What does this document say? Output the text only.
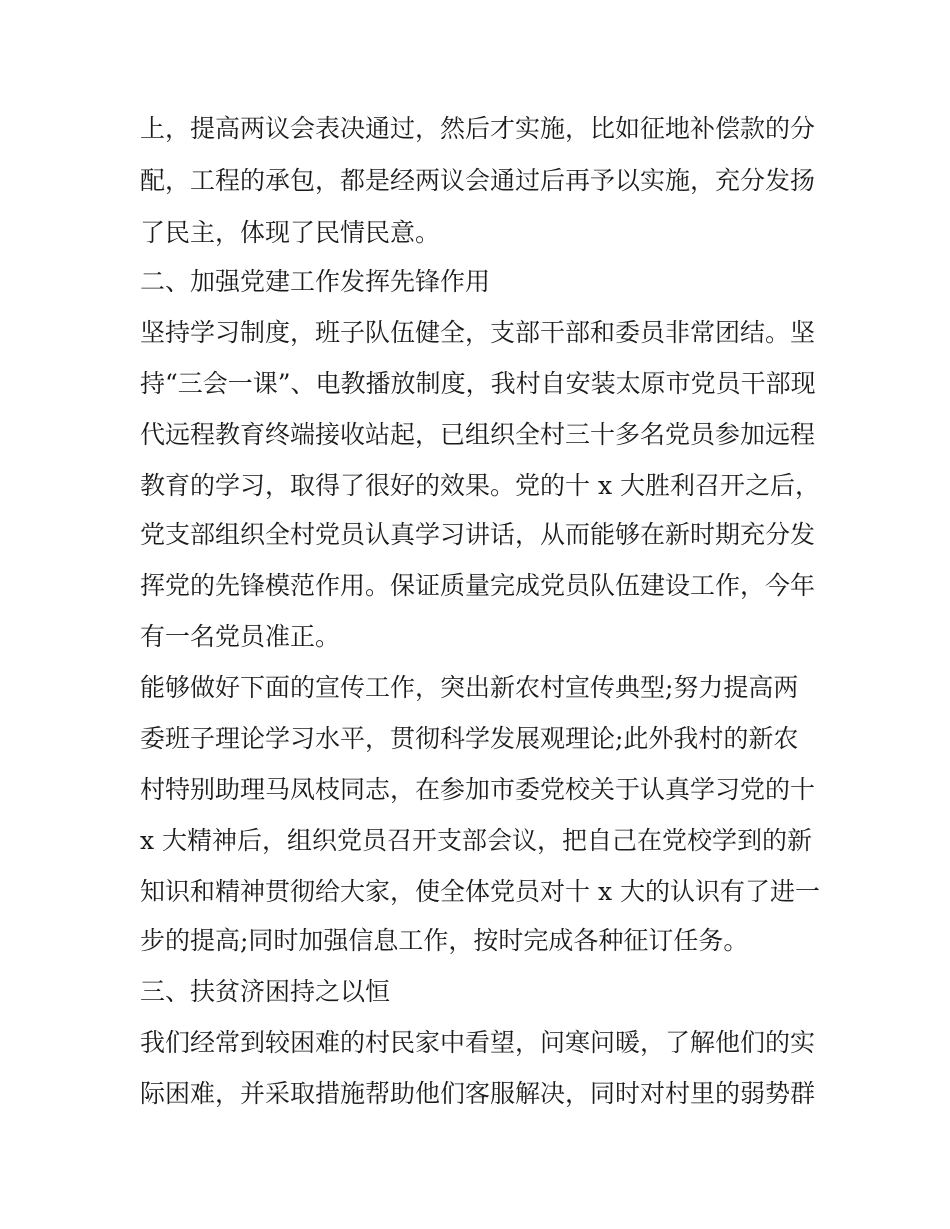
上，提高两议会表决通过，然后才实施，比如征地补偿款的分
配，工程的承包，都是经两议会通过后再予以实施，充分发扬
了民主，体现了民情民意。
二、加强党建工作发挥先锋作用
坚持学习制度，班子队伍健全，支部干部和委员非常团结。坚
持“三会一课”、电教播放制度，我村自安装太原市党员干部现
代远程教育终端接收站起，已组织全村三十多名党员参加远程
教育的学习，取得了很好的效果。党的十 x 大胜利召开之后，
党支部组织全村党员认真学习讲话，从而能够在新时期充分发
挥党的先锋模范作用。保证质量完成党员队伍建设工作，今年
有一名党员准正。
能够做好下面的宣传工作，突出新农村宣传典型;努力提高两
委班子理论学习水平，贯彻科学发展观理论;此外我村的新农
村特别助理马凤枝同志，在参加市委党校关于认真学习党的十
x 大精神后，组织党员召开支部会议，把自己在党校学到的新
知识和精神贯彻给大家，使全体党员对十 x 大的认识有了进一
步的提高;同时加强信息工作，按时完成各种征订任务。
三、扶贫济困持之以恒
我们经常到较困难的村民家中看望，问寒问暖，了解他们的实
际困难，并采取措施帮助他们客服解决，同时对村里的弱势群
